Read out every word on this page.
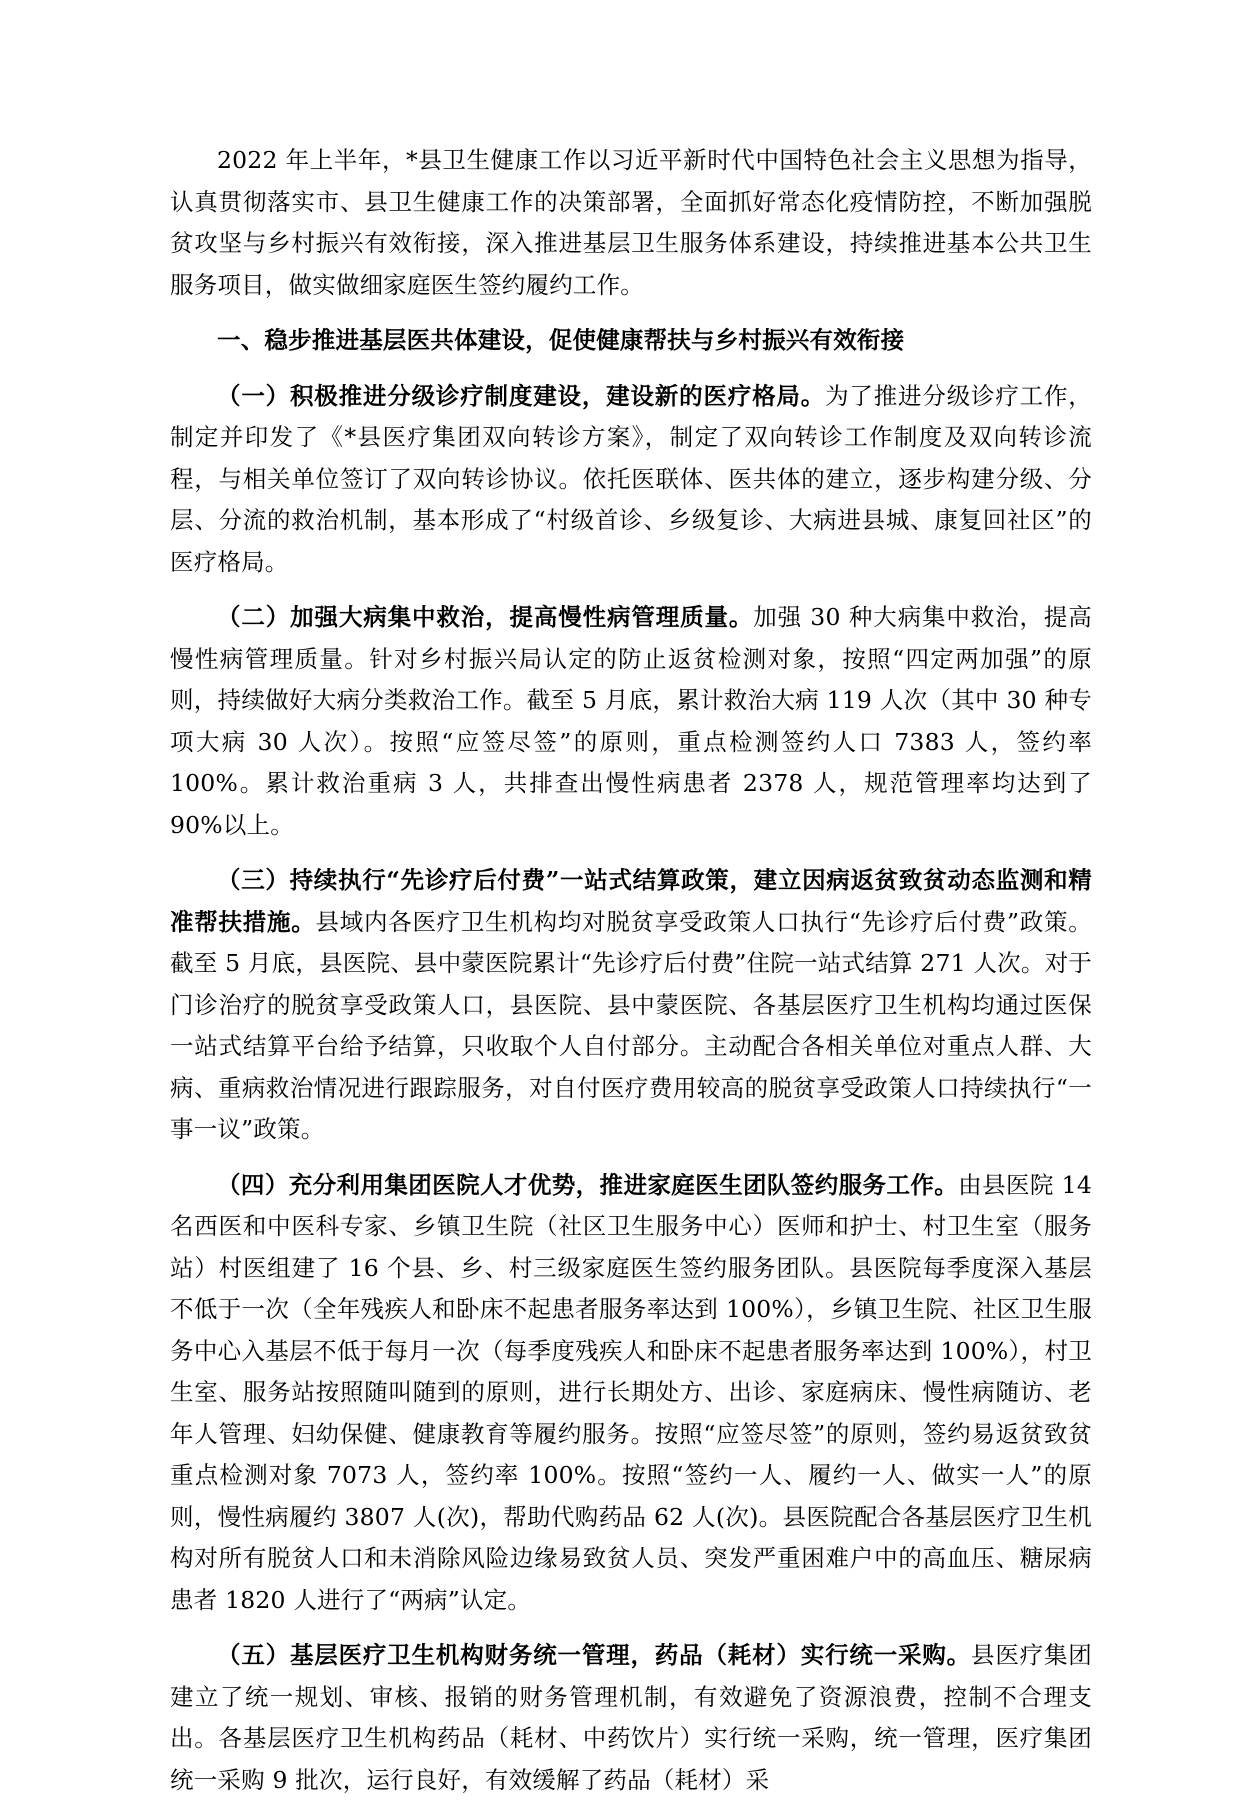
2022 年上半年，*县卫生健康工作以习近平新时代中国特色社会主义思想为指导，认真贯彻落实市、县卫生健康工作的决策部署，全面抓好常态化疫情防控，不断加强脱贫攻坚与乡村振兴有效衔接，深入推进基层卫生服务体系建设，持续推进基本公共卫生服务项目，做实做细家庭医生签约履约工作。

一、稳步推进基层医共体建设，促使健康帮扶与乡村振兴有效衔接

（一）积极推进分级诊疗制度建设，建设新的医疗格局。为了推进分级诊疗工作，制定并印发了《*县医疗集团双向转诊方案》，制定了双向转诊工作制度及双向转诊流程，与相关单位签订了双向转诊协议。依托医联体、医共体的建立，逐步构建分级、分层、分流的救治机制，基本形成了“村级首诊、乡级复诊、大病进县城、康复回社区”的医疗格局。

（二）加强大病集中救治，提高慢性病管理质量。加强 30 种大病集中救治，提高慢性病管理质量。针对乡村振兴局认定的防止返贫检测对象，按照“四定两加强”的原则，持续做好大病分类救治工作。截至 5 月底，累计救治大病 119 人次（其中 30 种专项大病 30 人次）。按照“应签尽签”的原则，重点检测签约人口 7383 人，签约率 100%。累计救治重病 3 人，共排查出慢性病患者 2378 人，规范管理率均达到了 90%以上。

（三）持续执行“先诊疗后付费”一站式结算政策，建立因病返贫致贫动态监测和精准帮扶措施。县域内各医疗卫生机构均对脱贫享受政策人口执行“先诊疗后付费”政策。截至 5 月底，县医院、县中蒙医院累计“先诊疗后付费”住院一站式结算 271 人次。对于门诊治疗的脱贫享受政策人口，县医院、县中蒙医院、各基层医疗卫生机构均通过医保一站式结算平台给予结算，只收取个人自付部分。主动配合各相关单位对重点人群、大病、重病救治情况进行跟踪服务，对自付医疗费用较高的脱贫享受政策人口持续执行“一事一议”政策。

（四）充分利用集团医院人才优势，推进家庭医生团队签约服务工作。由县医院 14 名西医和中医科专家、乡镇卫生院（社区卫生服务中心）医师和护士、村卫生室（服务站）村医组建了 16 个县、乡、村三级家庭医生签约服务团队。县医院每季度深入基层不低于一次（全年残疾人和卧床不起患者服务率达到 100%），乡镇卫生院、社区卫生服务中心入基层不低于每月一次（每季度残疾人和卧床不起患者服务率达到 100%），村卫生室、服务站按照随叫随到的原则，进行长期处方、出诊、家庭病床、慢性病随访、老年人管理、妇幼保健、健康教育等履约服务。按照“应签尽签”的原则，签约易返贫致贫重点检测对象 7073 人，签约率 100%。按照“签约一人、履约一人、做实一人”的原则，慢性病履约 3807 人(次)，帮助代购药品 62 人(次)。县医院配合各基层医疗卫生机构对所有脱贫人口和未消除风险边缘易致贫人员、突发严重困难户中的高血压、糖尿病患者 1820 人进行了“两病”认定。

（五）基层医疗卫生机构财务统一管理，药品（耗材）实行统一采购。县医疗集团建立了统一规划、审核、报销的财务管理机制，有效避免了资源浪费，控制不合理支出。各基层医疗卫生机构药品（耗材、中药饮片）实行统一采购，统一管理，医疗集团统一采购 9 批次，运行良好，有效缓解了药品（耗材）采
